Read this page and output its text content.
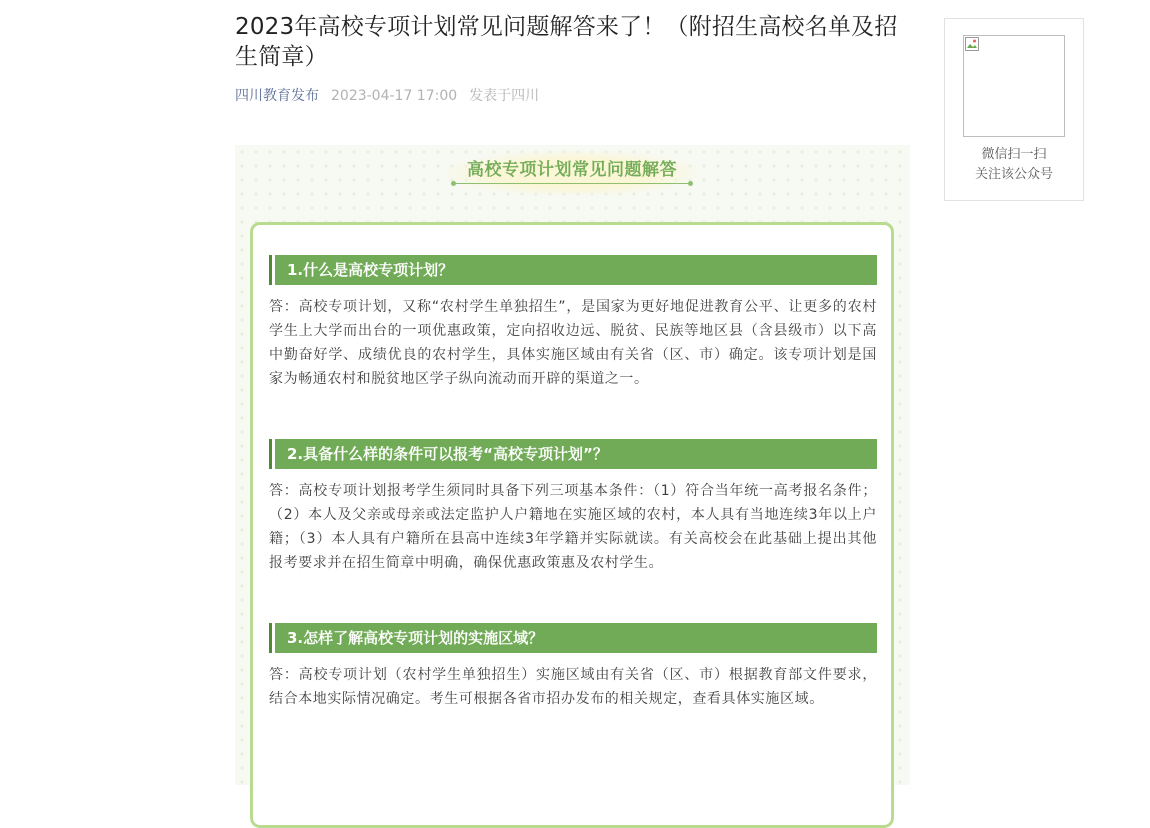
2023年高校专项计划常见问题解答来了！（附招生高校名单及招生简章）
四川教育发布 2023-04-17 17:00 发表于四川
高校专项计划常见问题解答
1.什么是高校专项计划？

答：高校专项计划，又称“农村学生单独招生”，是国家为更好地促进教育公平、让更多的农村学生上大学而出台的一项优惠政策，定向招收边远、脱贫、民族等地区县（含县级市）以下高中勤奋好学、成绩优良的农村学生，具体实施区域由有关省（区、市）确定。该专项计划是国家为畅通农村和脱贫地区学子纵向流动而开辟的渠道之一。

2.具备什么样的条件可以报考“高校专项计划”？

答：高校专项计划报考学生须同时具备下列三项基本条件：（1）符合当年统一高考报名条件；（2）本人及父亲或母亲或法定监护人户籍地在实施区域的农村，本人具有当地连续3年以上户籍；（3）本人具有户籍所在县高中连续3年学籍并实际就读。有关高校会在此基础上提出其他报考要求并在招生简章中明确，确保优惠政策惠及农村学生。

3.怎样了解高校专项计划的实施区域？

答：高校专项计划（农村学生单独招生）实施区域由有关省（区、市）根据教育部文件要求，结合本地实际情况确定。考生可根据各省市招办发布的相关规定，查看具体实施区域。

微信扫一扫
关注该公众号
